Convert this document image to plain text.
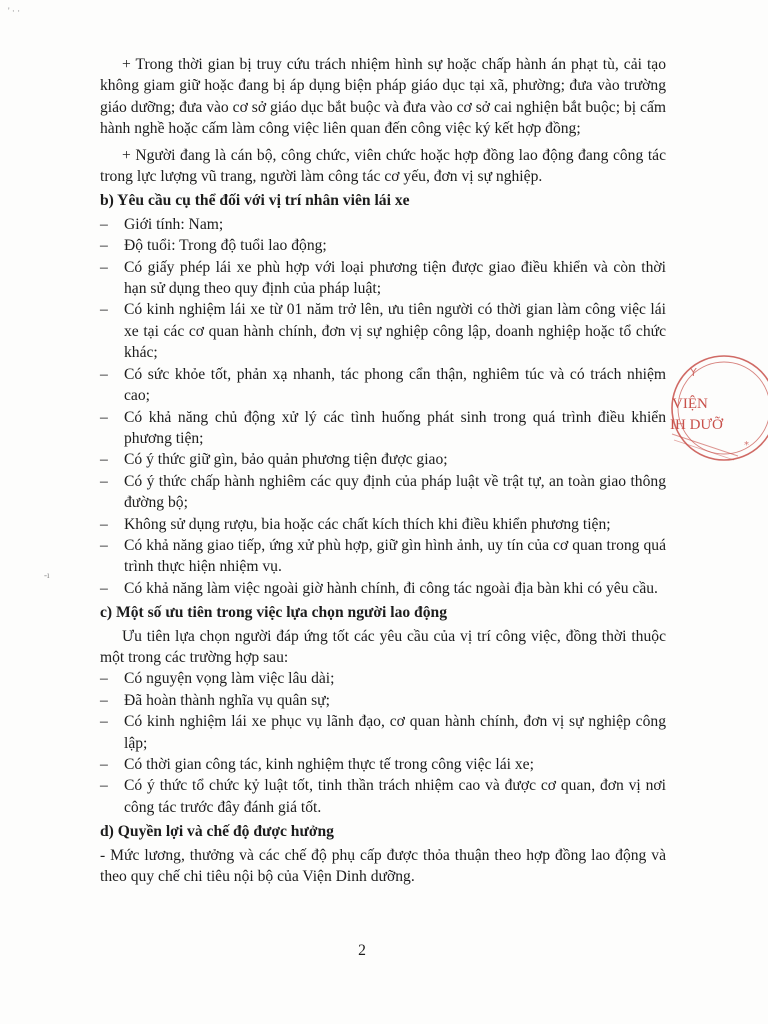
' · ·
-ı

+ Trong thời gian bị truy cứu trách nhiệm hình sự hoặc chấp hành án phạt tù, cải tạo không giam giữ hoặc đang bị áp dụng biện pháp giáo dục tại xã, phường; đưa vào trường giáo dưỡng; đưa vào cơ sở giáo dục bắt buộc và đưa vào cơ sở cai nghiện bắt buộc; bị cấm hành nghề hoặc cấm làm công việc liên quan đến công việc ký kết hợp đồng;

+ Người đang là cán bộ, công chức, viên chức hoặc hợp đồng lao động đang công tác trong lực lượng vũ trang, người làm công tác cơ yếu, đơn vị sự nghiệp.

b) Yêu cầu cụ thể đối với vị trí nhân viên lái xe
– Giới tính: Nam;
– Độ tuổi: Trong độ tuổi lao động;
– Có giấy phép lái xe phù hợp với loại phương tiện được giao điều khiển và còn thời hạn sử dụng theo quy định của pháp luật;
– Có kinh nghiệm lái xe từ 01 năm trở lên, ưu tiên người có thời gian làm công việc lái xe tại các cơ quan hành chính, đơn vị sự nghiệp công lập, doanh nghiệp hoặc tổ chức khác;
– Có sức khỏe tốt, phản xạ nhanh, tác phong cẩn thận, nghiêm túc và có trách nhiệm cao;
– Có khả năng chủ động xử lý các tình huống phát sinh trong quá trình điều khiển phương tiện;
– Có ý thức giữ gìn, bảo quản phương tiện được giao;
– Có ý thức chấp hành nghiêm các quy định của pháp luật về trật tự, an toàn giao thông đường bộ;
– Không sử dụng rượu, bia hoặc các chất kích thích khi điều khiển phương tiện;
– Có khả năng giao tiếp, ứng xử phù hợp, giữ gìn hình ảnh, uy tín của cơ quan trong quá trình thực hiện nhiệm vụ.
– Có khả năng làm việc ngoài giờ hành chính, đi công tác ngoài địa bàn khi có yêu cầu.
c) Một số ưu tiên trong việc lựa chọn người lao động

Ưu tiên lựa chọn người đáp ứng tốt các yêu cầu của vị trí công việc, đồng thời thuộc một trong các trường hợp sau:

– Có nguyện vọng làm việc lâu dài;
– Đã hoàn thành nghĩa vụ quân sự;
– Có kinh nghiệm lái xe phục vụ lãnh đạo, cơ quan hành chính, đơn vị sự nghiệp công lập;
– Có thời gian công tác, kinh nghiệm thực tế trong công việc lái xe;
– Có ý thức tổ chức kỷ luật tốt, tinh thần trách nhiệm cao và được cơ quan, đơn vị nơi công tác trước đây đánh giá tốt.
d) Quyền lợi và chế độ được hưởng

- Mức lương, thưởng và các chế độ phụ cấp được thỏa thuận theo hợp đồng lao động và theo quy chế chi tiêu nội bộ của Viện Dinh dưỡng.

2
Y
*
VIỆN
IH DƯỠ
